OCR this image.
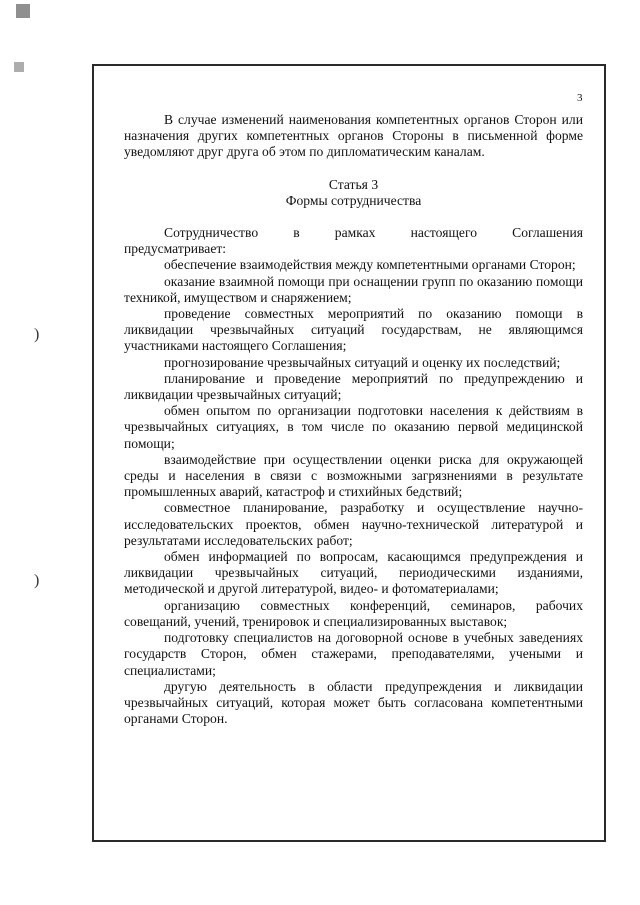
)
)
3

В случае изменений наименования компетентных органов Сторон или назначения других компетентных органов Стороны в письменной форме уведомляют друг друга об этом по дипломатическим каналам.

Статья 3

Формы сотрудничества

Сотрудничество в рамках настоящего Соглашения

предусматривает:

обеспечение взаимодействия между компетентными органами Сторон;

оказание взаимной помощи при оснащении групп по оказанию помощи техникой, имуществом и снаряжением;

проведение совместных мероприятий по оказанию помощи в ликвидации чрезвычайных ситуаций государствам, не являющимся участниками настоящего Соглашения;

прогнозирование чрезвычайных ситуаций и оценку их последствий;

планирование и проведение мероприятий по предупреждению и ликвидации чрезвычайных ситуаций;

обмен опытом по организации подготовки населения к действиям в чрезвычайных ситуациях, в том числе по оказанию первой медицинской помощи;

взаимодействие при осуществлении оценки риска для окружающей среды и населения в связи с возможными загрязнениями в результате промышленных аварий, катастроф и стихийных бедствий;

совместное планирование, разработку и осуществление научно-исследовательских проектов, обмен научно-технической литературой и результатами исследовательских работ;

обмен информацией по вопросам, касающимся предупреждения и ликвидации чрезвычайных ситуаций, периодическими изданиями, методической и другой литературой, видео- и фотоматериалами;

организацию совместных конференций, семинаров, рабочих совещаний, учений, тренировок и специализированных выставок;

подготовку специалистов на договорной основе в учебных заведениях государств Сторон, обмен стажерами, преподавателями, учеными и специалистами;

другую деятельность в области предупреждения и ликвидации чрезвычайных ситуаций, которая может быть согласована компетентными органами Сторон.
